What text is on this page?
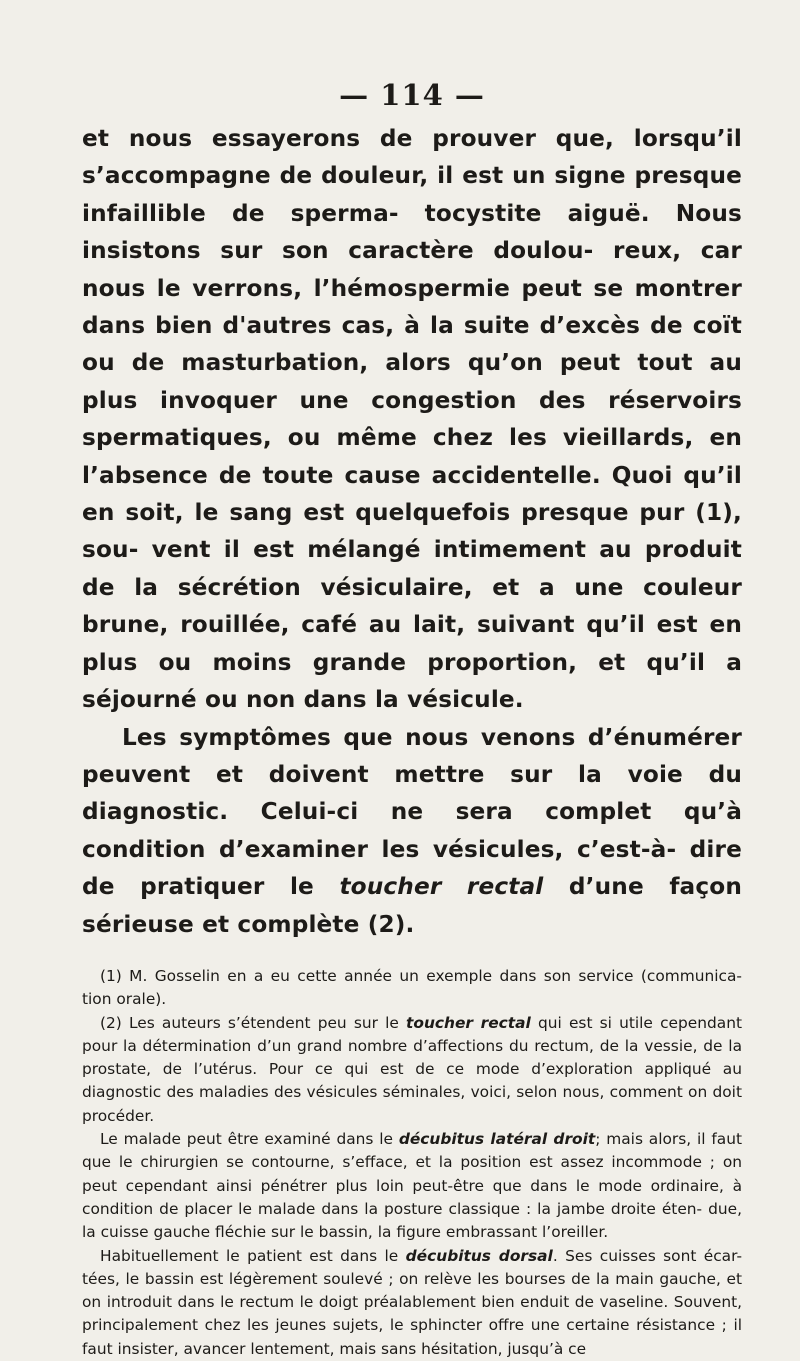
— 114 —

et nous essayerons de prouver que, lorsqu’il s’accompagne de douleur, il est un signe presque infaillible de sperma- tocystite aiguë. Nous insistons sur son caractère doulou- reux, car nous le verrons, l’hémospermie peut se montrer dans bien d'autres cas, à la suite d’excès de coït ou de masturbation, alors qu’on peut tout au plus invoquer une congestion des réservoirs spermatiques, ou même chez les vieillards, en l’absence de toute cause accidentelle. Quoi qu’il en soit, le sang est quelquefois presque pur (1), sou- vent il est mélangé intimement au produit de la sécrétion vésiculaire, et a une couleur brune, rouillée, café au lait, suivant qu’il est en plus ou moins grande proportion, et qu’il a séjourné ou non dans la vésicule.

Les symptômes que nous venons d’énumérer peuvent et doivent mettre sur la voie du diagnostic. Celui-ci ne sera complet qu’à condition d’examiner les vésicules, c’est-à- dire de pratiquer le toucher rectal d’une façon sérieuse et complète (2).

(1) M. Gosselin en a eu cette année un exemple dans son service (communica- tion orale).

(2) Les auteurs s’étendent peu sur le toucher rectal qui est si utile cependant pour la détermination d’un grand nombre d’affections du rectum, de la vessie, de la prostate, de l’utérus. Pour ce qui est de ce mode d’exploration appliqué au diagnostic des maladies des vésicules séminales, voici, selon nous, comment on doit procéder.

Le malade peut être examiné dans le décubitus latéral droit; mais alors, il faut que le chirurgien se contourne, s’efface, et la position est assez incommode ; on peut cependant ainsi pénétrer plus loin peut-être que dans le mode ordinaire, à condition de placer le malade dans la posture classique : la jambe droite éten- due, la cuisse gauche fléchie sur le bassin, la figure embrassant l’oreiller.

Habituellement le patient est dans le décubitus dorsal. Ses cuisses sont écar- tées, le bassin est légèrement soulevé ; on relève les bourses de la main gauche, et on introduit dans le rectum le doigt préalablement bien enduit de vaseline. Souvent, principalement chez les jeunes sujets, le sphincter offre une certaine résistance ; il faut insister, avancer lentement, mais sans hésitation, jusqu’à ce
